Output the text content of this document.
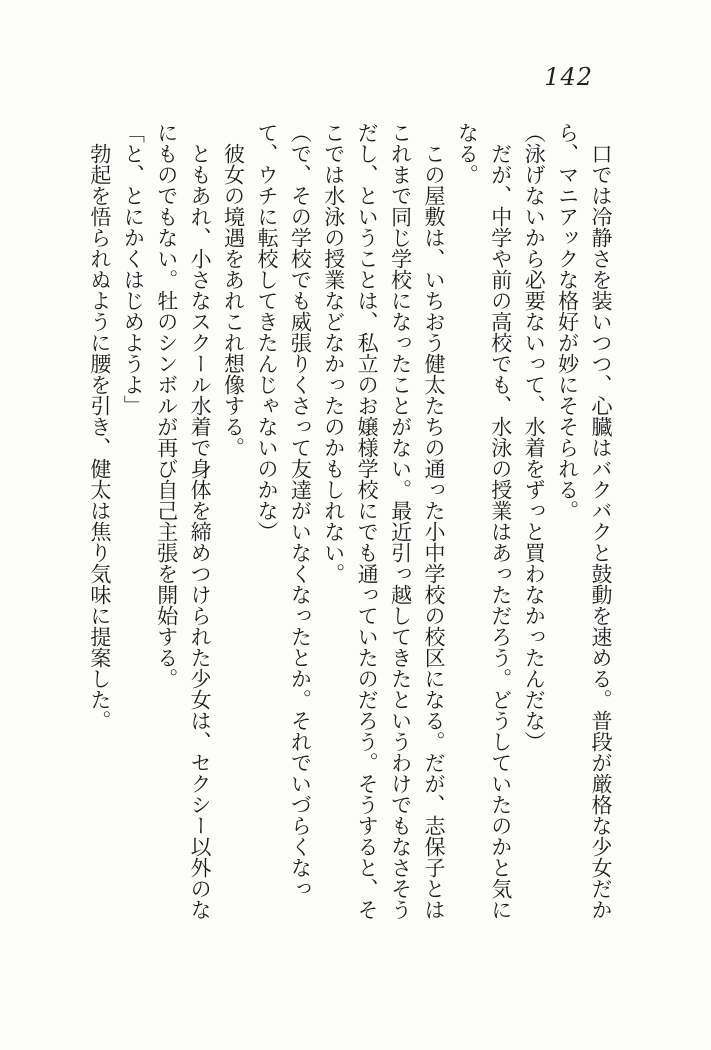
142

口では冷静さを装いつつ、心臓はバクバクと鼓動を速める。普段が厳格な少女だから、マニアックな格好が妙にそそられる。

（泳げないから必要ないって、水着をずっと買わなかったんだな）

だが、中学や前の高校でも、水泳の授業はあっただろう。どうしていたのかと気になる。

この屋敷は、いちおう健太たちの通った小中学校の校区になる。だが、志保子とはこれまで同じ学校になったことがない。最近引っ越してきたというわけでもなさそうだし、ということは、私立のお嬢様学校にでも通っていたのだろう。そうすると、そこでは水泳の授業などなかったのかもしれない。

（で、その学校でも威張りくさって友達がいなくなったとか。それでいづらくなって、ウチに転校してきたんじゃないのかな）

彼女の境遇をあれこれ想像する。

ともあれ、小さなスクール水着で身体を締めつけられた少女は、セクシー以外のなにものでもない。牡のシンボルが再び自己主張を開始する。

「と、とにかくはじめようよ」

勃起を悟られぬように腰を引き、健太は焦り気味に提案した。
